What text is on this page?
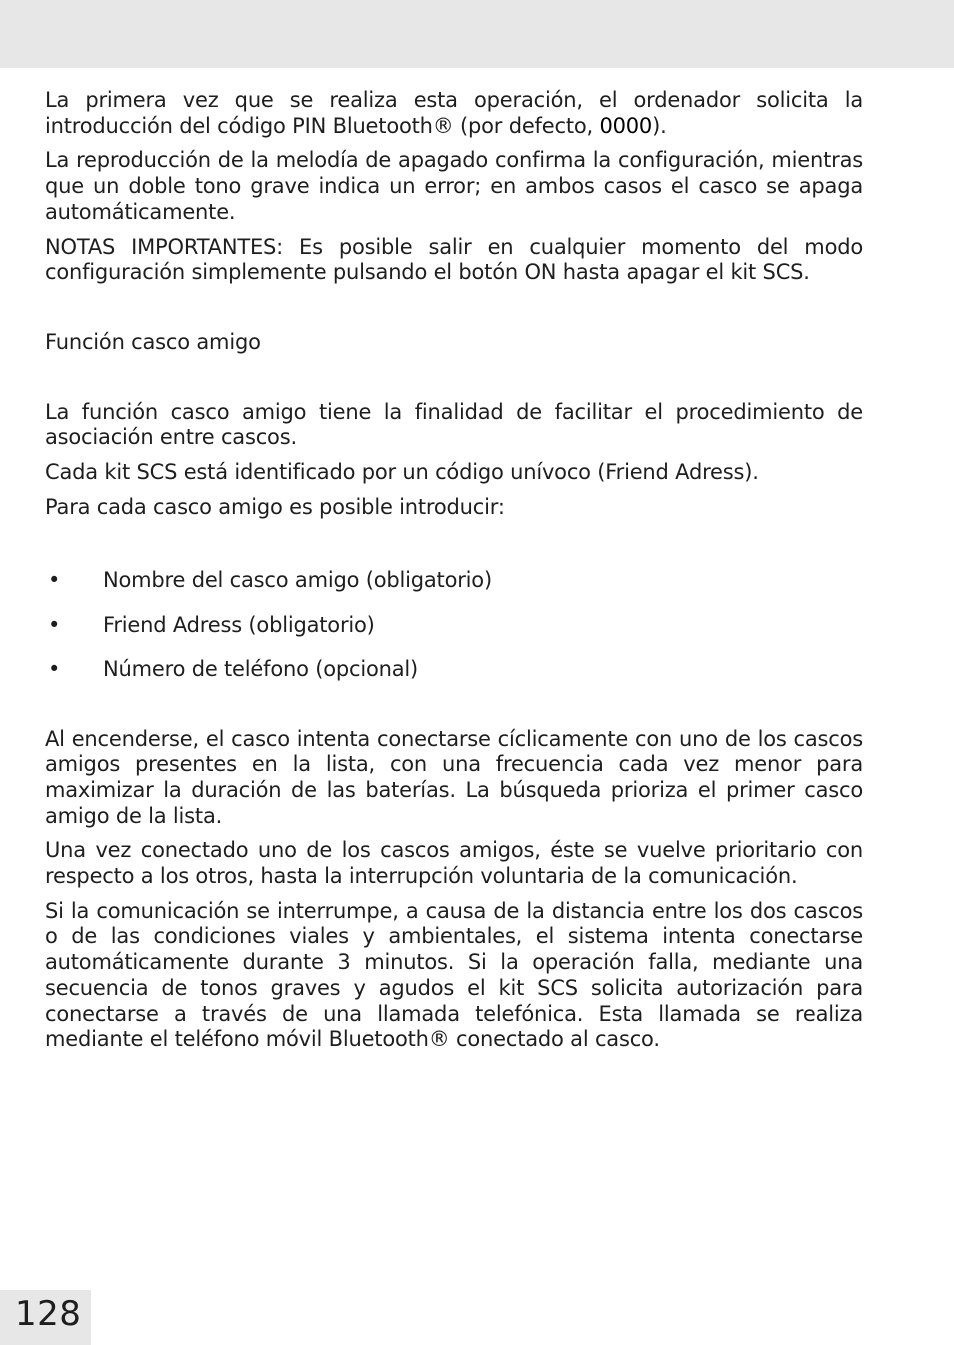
La primera vez que se realiza esta operación, el ordenador solicita la introducción del código PIN Bluetooth® (por defecto, 0000).

La reproducción de la melodía de apagado confirma la configuración, mientras que un doble tono grave indica un error; en ambos casos el casco se apaga automáticamente.

NOTAS IMPORTANTES: Es posible salir en cualquier momento del modo configuración simplemente pulsando el botón ON hasta apagar el kit SCS.

Función casco amigo

La función casco amigo tiene la finalidad de facilitar el procedimiento de asociación entre cascos.

Cada kit SCS está identificado por un código unívoco (Friend Adress).

Para cada casco amigo es posible introducir:

• Nombre del casco amigo (obligatorio)
• Friend Adress (obligatorio)
• Número de teléfono (opcional)

Al encenderse, el casco intenta conectarse cíclicamente con uno de los cascos amigos presentes en la lista, con una frecuencia cada vez menor para maximizar la duración de las baterías. La búsqueda prioriza el primer casco amigo de la lista.

Una vez conectado uno de los cascos amigos, éste se vuelve prioritario con respecto a los otros, hasta la interrupción voluntaria de la comunicación.

Si la comunicación se interrumpe, a causa de la distancia entre los dos cascos o de las condiciones viales y ambientales, el sistema intenta conectarse automáticamente durante 3 minutos. Si la operación falla, mediante una secuencia de tonos graves y agudos el kit SCS solicita autorización para conectarse a través de una llamada telefónica. Esta llamada se realiza mediante el teléfono móvil Bluetooth® conectado al casco.

128
